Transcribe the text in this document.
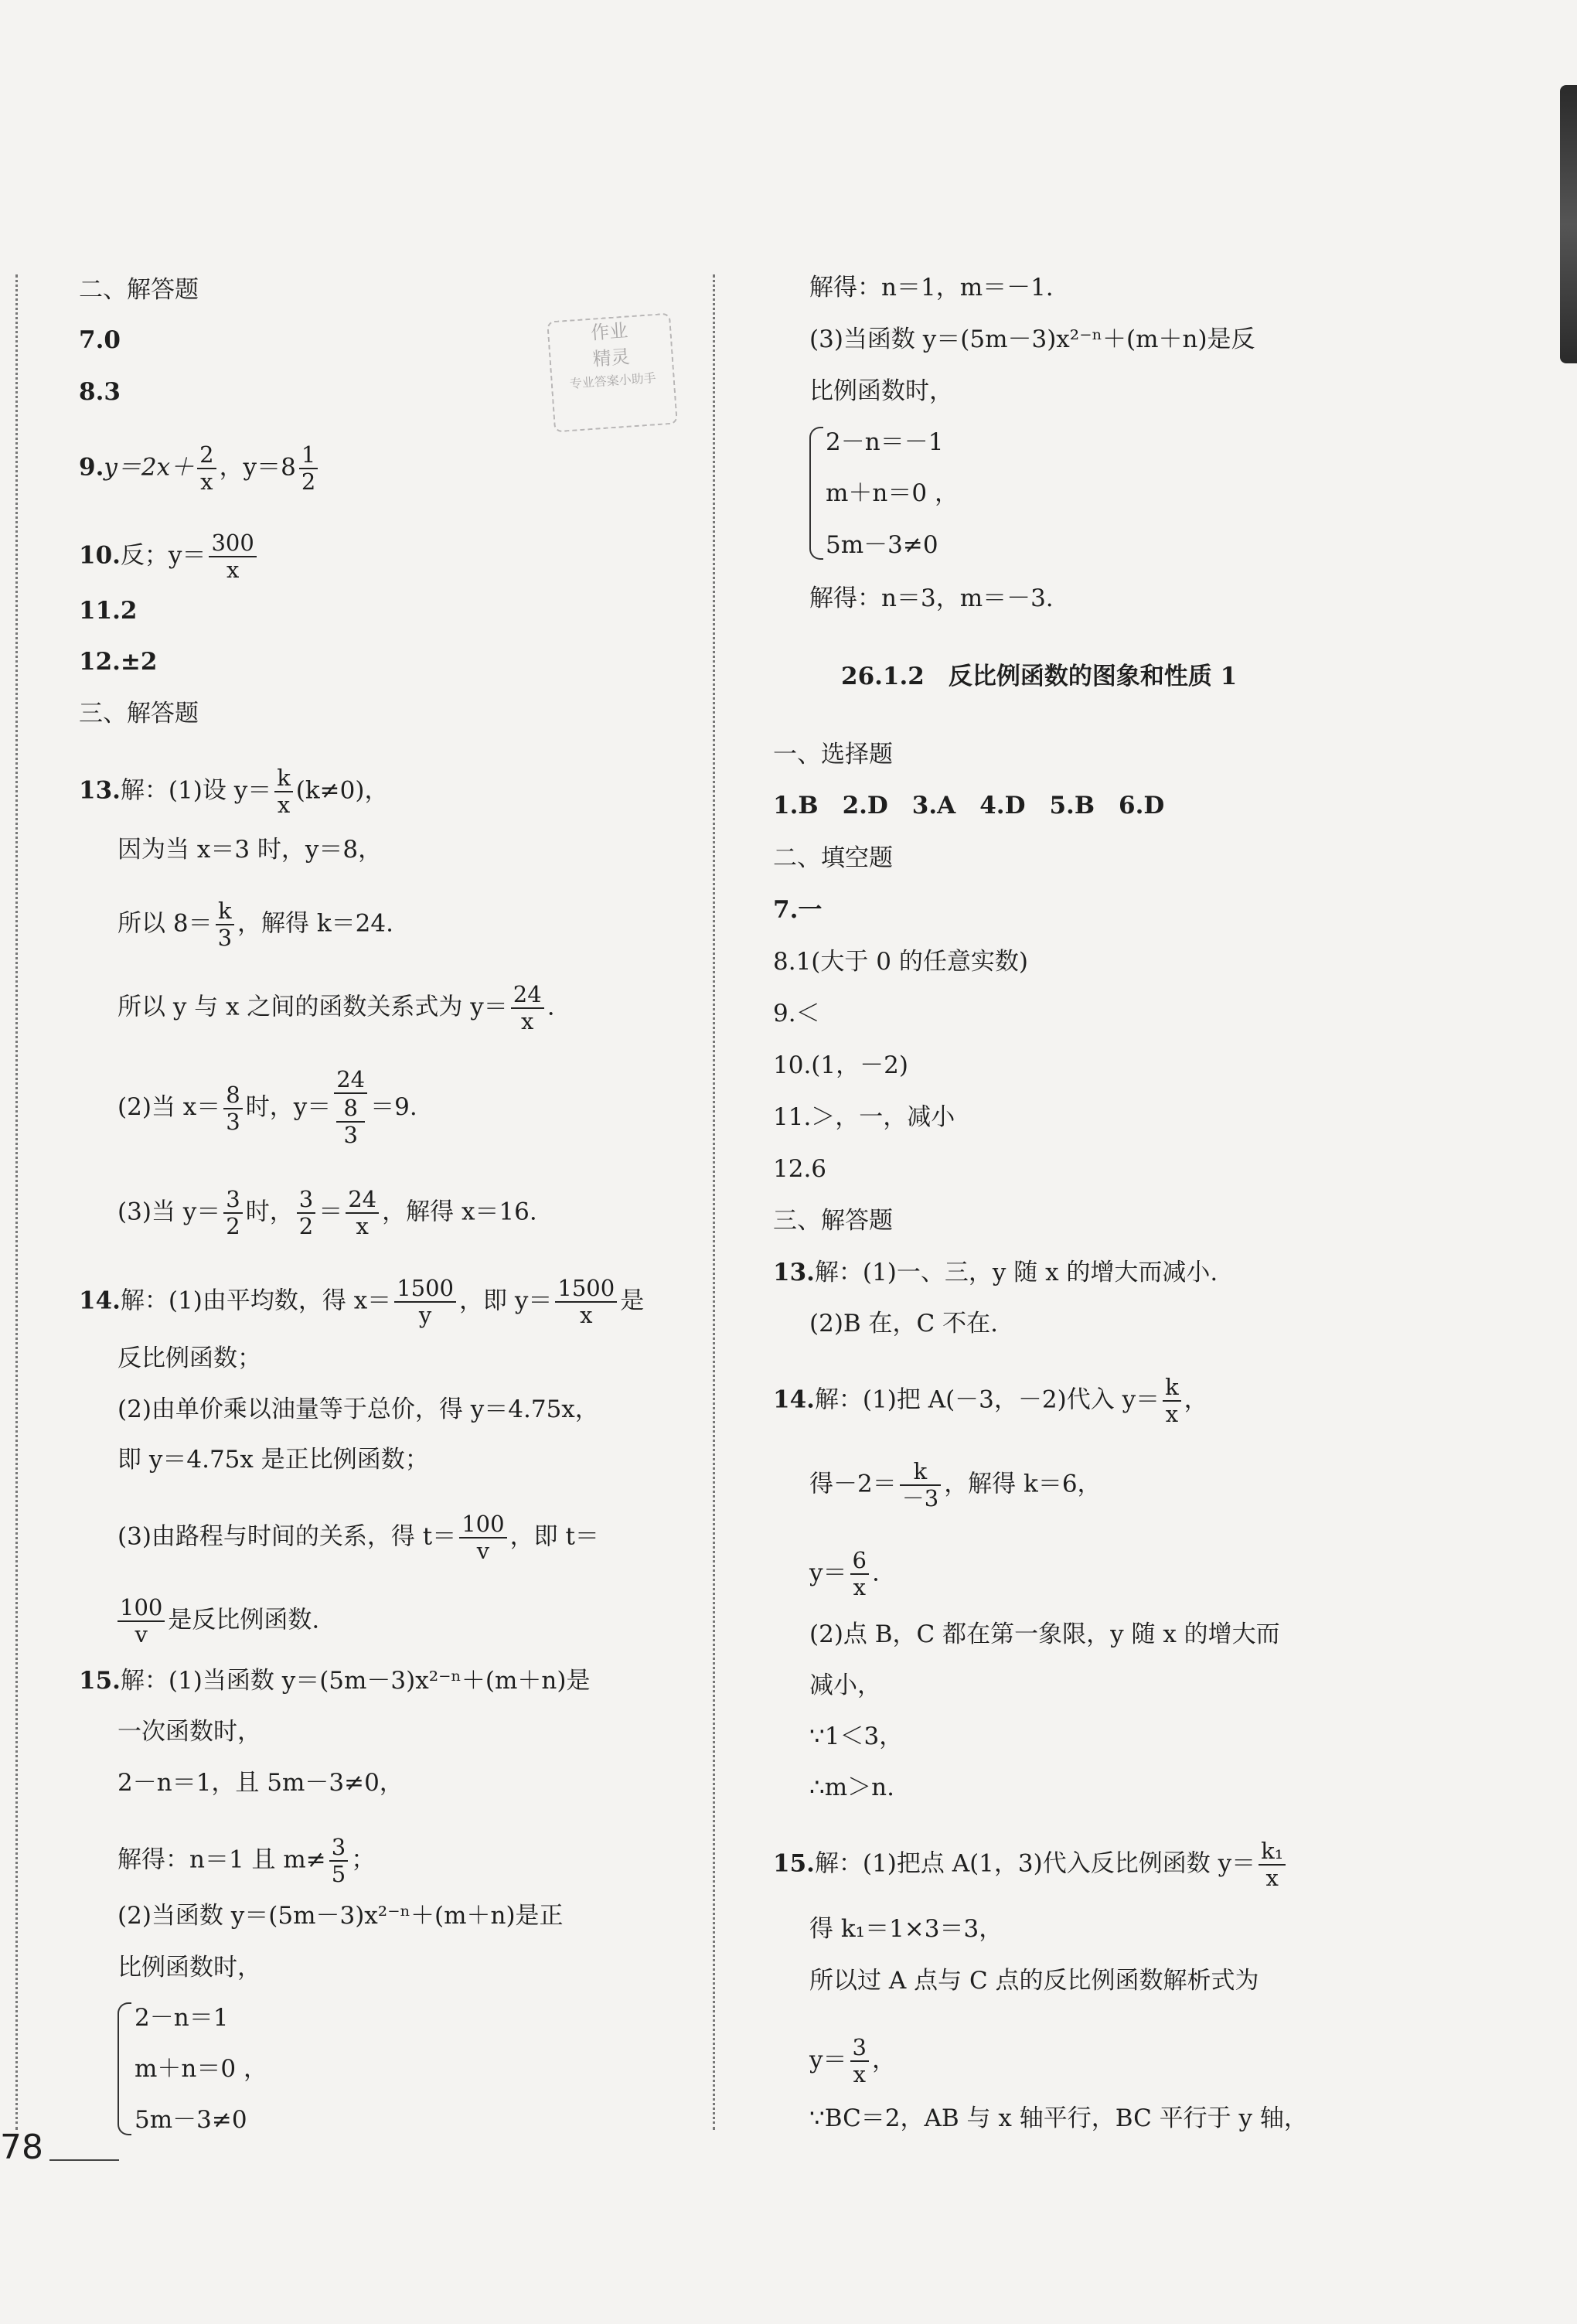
作业
精灵
专业答案小助手
二、解答题
7.0
8.3
$9.y=2x+ \frac{2}{x}$ ，$y=8 \frac{1}{2}$
10.反；$y= \frac{300}{x}$
11.2
12.±2
三、解答题
13.解：(1)设 $y= \frac{k}{x} (k\ne 0)$，
因为当 x＝3 时，y＝8，
所以 $8= \frac{k}{3}$ ，解得 k＝24.
所以 y 与 x 之间的函数关系式为 $y= \frac{24}{x}$ .
(2)当 $x= \frac{8}{3}$ 时，y＝ 24
8
3 ＝9.
(3)当 $y= \frac{3}{2}$ 时， $\frac{3}{2} = \frac{24}{x}$ ，解得 x＝16.
14.解：(1)由平均数，得 $x= \frac{1500}{y}$ ，即 $y= \frac{1500}{x}$ 是
反比例函数；
(2)由单价乘以油量等于总价，得 y＝4.75x，
即 y＝4.75x 是正比例函数；
(3)由路程与时间的关系，得 $t= \frac{100}{v}$ ，即 t＝
$\frac{100}{v}$ 是反比例函数.
15.解：(1)当函数 y＝(5m－3)x²⁻ⁿ＋(m＋n)是
一次函数时，
2－n＝1，且 5m－3≠0，
解得：n＝1 且 $m\ne \frac{3}{5}$ ；
(2)当函数 y＝(5m－3)x²⁻ⁿ＋(m＋n)是正
比例函数时，
2－n＝1
m＋n＝0 ，
5m－3≠0
解得：n＝1，m＝－1.
(3)当函数 y＝(5m－3)x²⁻ⁿ＋(m＋n)是反
比例函数时，
2－n＝－1
m＋n＝0 ，
5m－3≠0
解得：n＝3，m＝－3.
26.1.2　反比例函数的图象和性质 1
一、选择题
1.B　2.D　3.A　4.D　5.B　6.D
二、填空题
7.一
8.1(大于 0 的任意实数)
9.＜
10.(1，－2)
11.＞，一，减小
12.6
三、解答题
13.解：(1)一、三，y 随 x 的增大而减小.
(2)B 在，C 不在.
14.解：(1)把 A(－3，－2)代入 $y= \frac{k}{x}$ ，
得$-2= \frac{k}{-3}$ ，解得 k＝6，
$y= \frac{6}{x}$ .
(2)点 B，C 都在第一象限，y 随 x 的增大而
减小，
∵1＜3，
∴m＞n.
15.解：(1)把点 A(1，3)代入反比例函数 $y= \frac{\text{k₁}}{x}$
得 k₁＝1×3＝3，
所以过 A 点与 C 点的反比例函数解析式为
$y= \frac{3}{x}$ ，
∵BC＝2，AB 与 x 轴平行，BC 平行于 y 轴，
78
